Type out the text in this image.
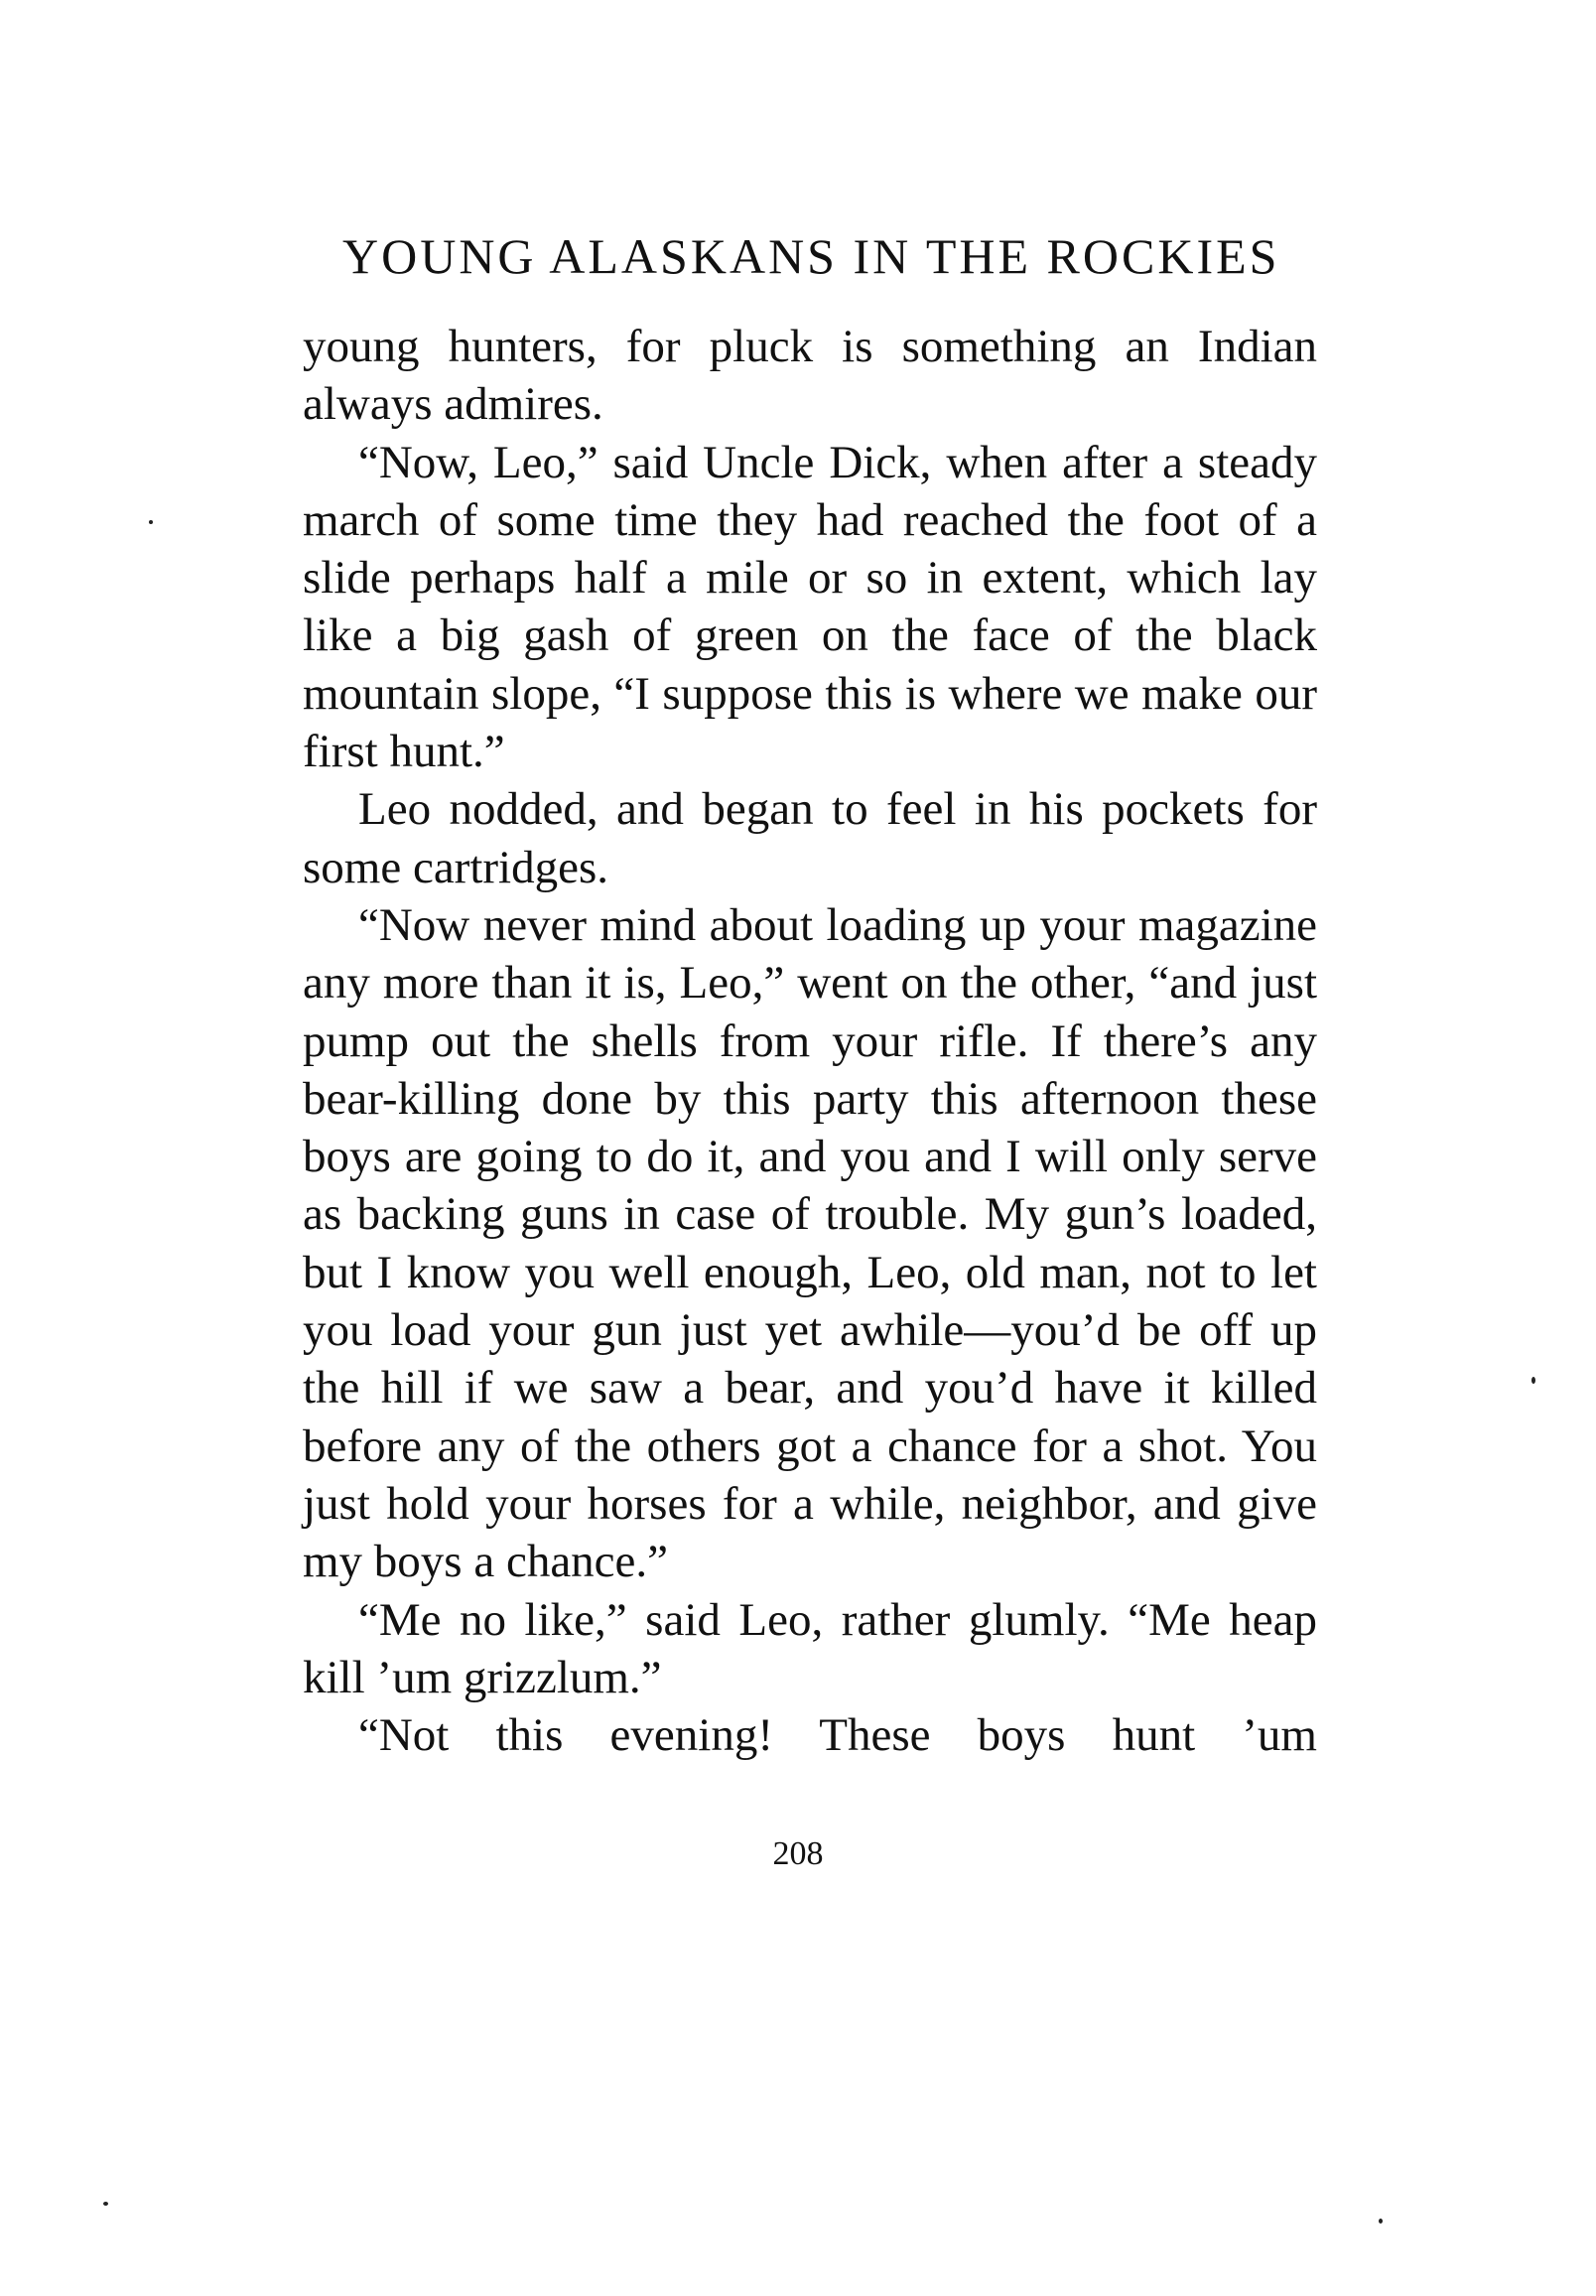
YOUNG ALASKANS IN THE ROCKIES

young hunters, for pluck is something an Indian always admires.

“Now, Leo,” said Uncle Dick, when after a steady march of some time they had reached the foot of a slide perhaps half a mile or so in extent, which lay like a big gash of green on the face of the black mountain slope, “I suppose this is where we make our first hunt.”

Leo nodded, and began to feel in his pockets for some cartridges.

“Now never mind about loading up your magazine any more than it is, Leo,” went on the other, “and just pump out the shells from your rifle. If there’s any bear-killing done by this party this afternoon these boys are going to do it, and you and I will only serve as backing guns in case of trouble. My gun’s loaded, but I know you well enough, Leo, old man, not to let you load your gun just yet awhile—you’d be off up the hill if we saw a bear, and you’d have it killed before any of the others got a chance for a shot. You just hold your horses for a while, neighbor, and give my boys a chance.”

“Me no like,” said Leo, rather glumly. “Me heap kill ’um grizzlum.”

“Not this evening! These boys hunt ’um

208
